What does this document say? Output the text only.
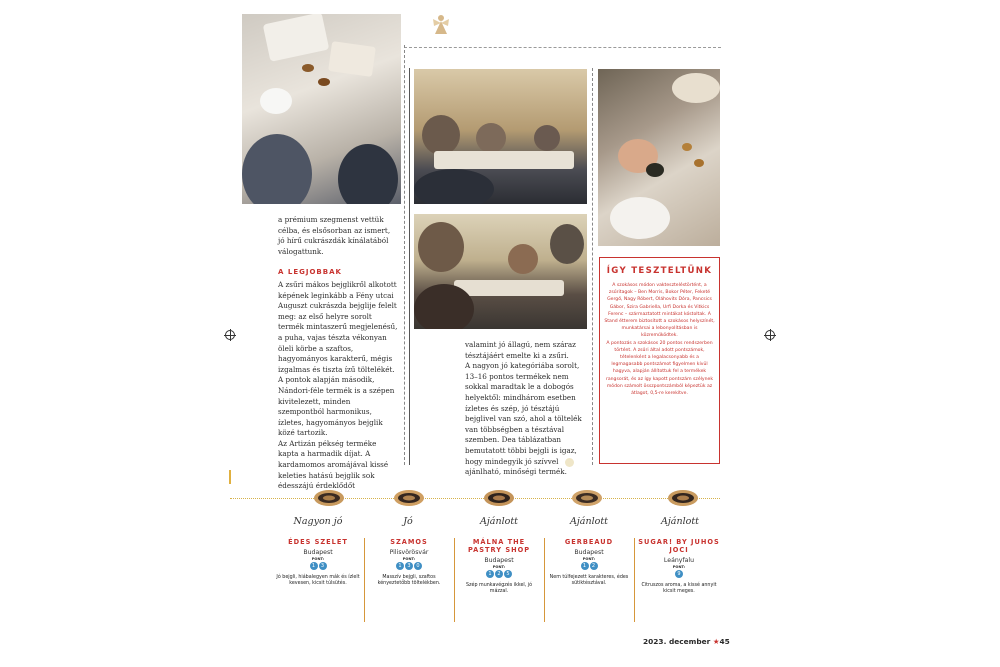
a prémium szegmenst vettük célba, és elsősorban az ismert, jó hírű cukrászdák kínálatából válogattunk.

A LEGJOBBAK

A zsűri mákos bejglikről alkotott képének leginkább a Fény utcai Auguszt cukrászda bejglije felelt meg: az első helyre sorolt termék mintaszerű megjelenésű, a puha, vajas tészta vékonyan öleli körbe a szaftos, hagyományos karakterű, mégis izgalmas és tiszta ízű töltelékét.
A pontok alapján második, Nándori-féle termék is a szépen kivitelezett, minden szempontból harmonikus, ízletes, hagyományos bejglik közé tartozik.
Az Artizán pékség terméke kapta a harmadik díjat. A kardamomos aromájával kissé keleties hatású bejglik sok édesszájú érdeklődőt

valamint jó állagú, nem száraz tésztájáért emelte ki a zsűri.
A nagyon jó kategóriába sorolt, 13–16 pontos termékek nem sokkal maradtak le a dobogós helyektől: mindhárom esetben ízletes és szép, jó tésztájú bejglivel van szó, ahol a töltelék van többségben a tésztával szemben. Dea táblázatban bemutatott többi bejgli is igaz, hogy mindegyik jó szívvel ajánlható, minőségi termék.

ÍGY TESZTELTÜNK

A szokásos módon vakteszteléstörtént, a zsűritagok – Ben Morris, Bokor Péter, Feketé Gergő, Nagy Róbert, Oláhovits Dóra, Pancsics Gábor, Szira Gabriella, Urfi Dorka és Vitkics Ferenc – származtatott mintákat kóstoltak. A Stand étterem biztosított a szokásos helyszínét, munkatársai a lebonyolításban is közreműködtek.
A pontozás a szokásos 20 pontos rendszerben történt. A zsűri által adott pontszámok, tételenként a legalacsonyabb és a legmagasabb pontszámot figyelmen kívül hagyva, alapján állítottuk fel a termékek rangsorát, és az így kapott pontszám szélynek módon számolt összpontszámból képeztük az átlagot, 0,5-re kerekítve.

Nagyon jó	Jó	Ajánlott	Ajánlott	Ajánlott
ÉDES SZELET
Budapest
PONT:
1	3
Jó bejgli, hiábalegyen mák és ízlelt kevesen, kicsit túlsütés.
SZAMOS
Pilisvörösvár
PONT:
1	3	0
Masszív bejgli, szaftos kényeztetőbb töltelékben.
MÁLNA THE PASTRY SHOP
Budapest
PONT:
1	2	5
Szép munkavégzés ikkel, jó mázzal.
GERBEAUD
Budapest
PONT:
1	2
Nem túlfejezett karakteres, édes sütiktésztával.
SUGAR! BY JUHOS JOCI
Leányfalu
PONT:
9
Citruszos aroma, a kissé annyit kicsit meges.
2023. december ★45
